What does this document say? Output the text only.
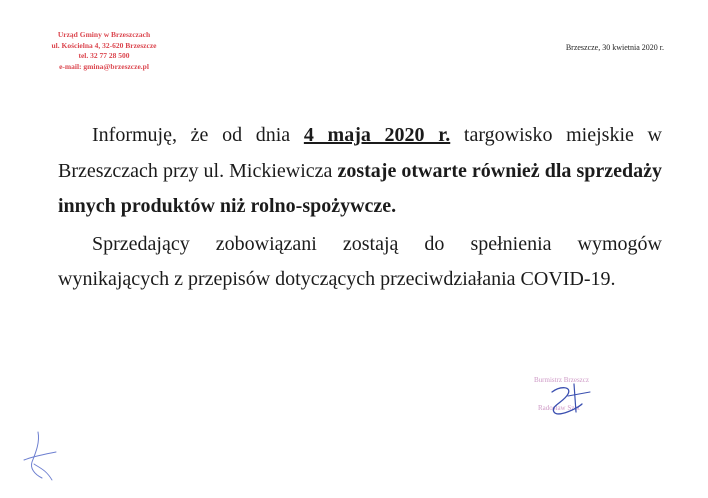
Urząd Gminy w Brzeszczach
ul. Kościelna 4, 32-620 Brzeszcze
tel. 32 77 28 500
e-mail: gmina@brzeszcze.pl
Brzeszcze, 30 kwietnia 2020 r.

Informuję, że od dnia 4 maja 2020 r. targowisko miejskie w Brzeszczach przy ul. Mickiewicza zostaje otwarte również dla sprzedaży innych produktów niż rolno-spożywcze.

Sprzedający zobowiązani zostają do spełnienia wymogów wynikających z przepisów dotyczących przeciwdziałania COVID-19.

Burmistrz Brzeszcz
Radosław Szot
